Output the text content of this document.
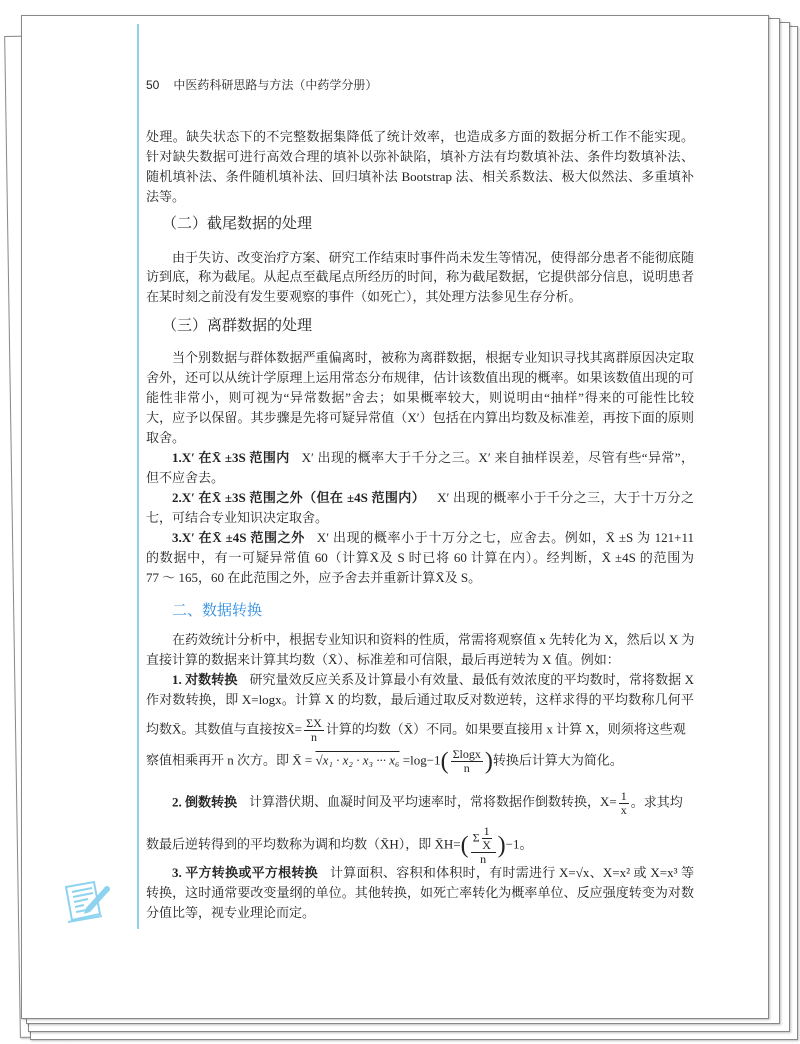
50 中医药科研思路与方法（中药学分册）
处理。缺失状态下的不完整数据集降低了统计效率，也造成多方面的数据分析工作不能实现。
针对缺失数据可进行高效合理的填补以弥补缺陷，填补方法有均数填补法、条件均数填补法、
随机填补法、条件随机填补法、回归填补法 Bootstrap 法、相关系数法、极大似然法、多重填补
法等。
（二）截尾数据的处理
由于失访、改变治疗方案、研究工作结束时事件尚未发生等情况，使得部分患者不能彻底随
访到底，称为截尾。从起点至截尾点所经历的时间，称为截尾数据，它提供部分信息，说明患者
在某时刻之前没有发生要观察的事件（如死亡），其处理方法参见生存分析。
（三）离群数据的处理
当个别数据与群体数据严重偏离时，被称为离群数据，根据专业知识寻找其离群原因决定取
舍外，还可以从统计学原理上运用常态分布规律，估计该数值出现的概率。如果该数值出现的可
能性非常小，则可视为“异常数据”舍去；如果概率较大，则说明由“抽样”得来的可能性比较
大，应予以保留。其步骤是先将可疑异常值（X′）包括在内算出均数及标准差，再按下面的原则
取舍。
1.X′ 在X̄ ±3S 范围内 X′ 出现的概率大于千分之三。X′ 来自抽样误差，尽管有些“异常”，
但不应舍去。
2.X′ 在X̄ ±3S 范围之外（但在 ±4S 范围内） X′ 出现的概率小于千分之三，大于十万分之
七，可结合专业知识决定取舍。
3.X′ 在X̄ ±4S 范围之外 X′ 出现的概率小于十万分之七，应舍去。例如，X̄ ±S 为 121+11
的数据中，有一可疑异常值 60（计算X̄及 S 时已将 60 计算在内）。经判断，X̄ ±4S 的范围为
77 ～ 165，60 在此范围之外，应予舍去并重新计算X̄及 S。
二、数据转换
在药效统计分析中，根据专业知识和资料的性质，常需将观察值 x 先转化为 X，然后以 X 为
直接计算的数据来计算其均数（X̄）、标准差和可信限，最后再逆转为 X 值。例如：
1. 对数转换 研究量效反应关系及计算最小有效量、最低有效浓度的平均数时，常将数据 X
作对数转换，即 X=logx。计算 X 的均数，最后通过取反对数逆转，这样求得的平均数称几何平
均数X̄。其数值与直接按X̄= $\frac{\Sigma X}{n}$ 计算的均数（X̄）不同。如果要直接用 x 计算 X，则须将这些观
察值相乘再开 n 次方。即 X̄ = √x₁ · x₂ · x₃ ··· $x_6 =\log-1( \frac{\Sigma\log x}{n}$ )转换后计算大为简化。
2. 倒数转换 计算潜伏期、血凝时间及平均速率时，常将数据作倒数转换，$X= \frac{1}{x}$ 。求其均
数最后逆转得到的平均数称为调和均数（X̄H），即 X̄H=( $\frac{\Sigma \frac{1}{X}}{n} )-1$。
3. 平方转换或平方根转换 计算面积、容积和体积时，有时需进行 X=√x、X=x² 或 X=x³ 等
转换，这时通常要改变量纲的单位。其他转换，如死亡率转化为概率单位、反应强度转变为对数
分值比等，视专业理论而定。
